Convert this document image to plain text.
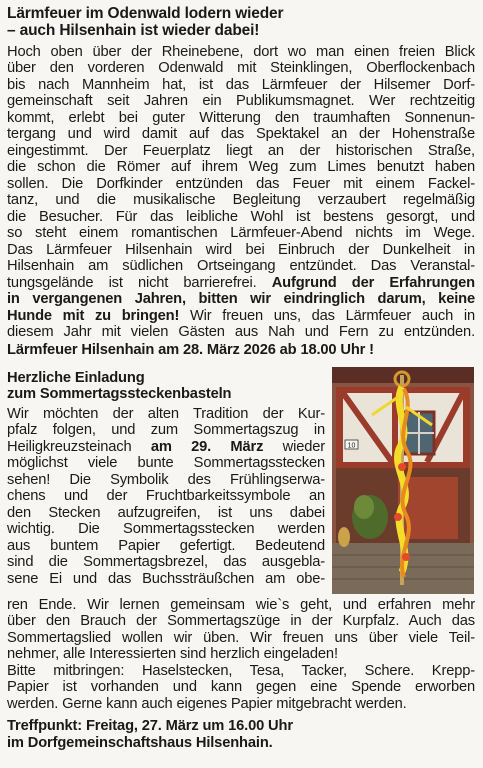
Lärmfeuer im Odenwald lodern wieder
– auch Hilsenhain ist wieder dabei!
Hoch oben über der Rheinebene, dort wo man einen freien Blick
über den vorderen Odenwald mit Steinklingen, Oberflockenbach
bis nach Mannheim hat, ist das Lärmfeuer der Hilsemer Dorf-
gemeinschaft seit Jahren ein Publikumsmagnet. Wer rechtzeitig
kommt, erlebt bei guter Witterung den traumhaften Sonnenun-
tergang und wird damit auf das Spektakel an der Hohenstraße
eingestimmt. Der Feuerplatz liegt an der historischen Straße,
die schon die Römer auf ihrem Weg zum Limes benutzt haben
sollen. Die Dorfkinder entzünden das Feuer mit einem Fackel-
tanz, und die musikalische Begleitung verzaubert regelmäßig
die Besucher. Für das leibliche Wohl ist bestens gesorgt, und
so steht einem romantischen Lärmfeuer-Abend nichts im Wege.
Das Lärmfeuer Hilsenhain wird bei Einbruch der Dunkelheit in
Hilsenhain am südlichen Ortseingang entzündet. Das Veranstal-
tungsgelände ist nicht barrierefrei. Aufgrund der Erfahrungen
in vergangenen Jahren, bitten wir eindringlich darum, keine
Hunde mit zu bringen! Wir freuen uns, das Lärmfeuer auch in
diesem Jahr mit vielen Gästen aus Nah und Fern zu entzünden.
Lärmfeuer Hilsenhain am 28. März 2026 ab 18.00 Uhr !
Herzliche Einladung
zum Sommertagssteckenbasteln
Wir möchten der alten Tradition der Kur-
pfalz folgen, und zum Sommertagszug in
Heiligkreuzsteinach am 29. März wieder
möglichst viele bunte Sommertagsstecken
sehen! Die Symbolik des Frühlingserwa-
chens und der Fruchtbarkeitssymbole an
den Stecken aufzugreifen, ist uns dabei
wichtig. Die Sommertagsstecken werden
aus buntem Papier gefertigt. Bedeutend
sind die Sommertagsbrezel, das ausgebla-
sene Ei und das Buchssträußchen am obe-
ren Ende. Wir lernen gemeinsam wie`s geht, und erfahren mehr
über den Brauch der Sommertagszüge in der Kurpfalz. Auch das
Sommertagslied wollen wir üben. Wir freuen uns über viele Teil-
nehmer, alle Interessierten sind herzlich eingeladen!
Bitte mitbringen: Haselstecken, Tesa, Tacker, Schere. Krepp-
Papier ist vorhanden und kann gegen eine Spende erworben
werden. Gerne kann auch eigenes Papier mitgebracht werden.
Treffpunkt: Freitag, 27. März um 16.00 Uhr
im Dorfgemeinschaftshaus Hilsenhain.
10
